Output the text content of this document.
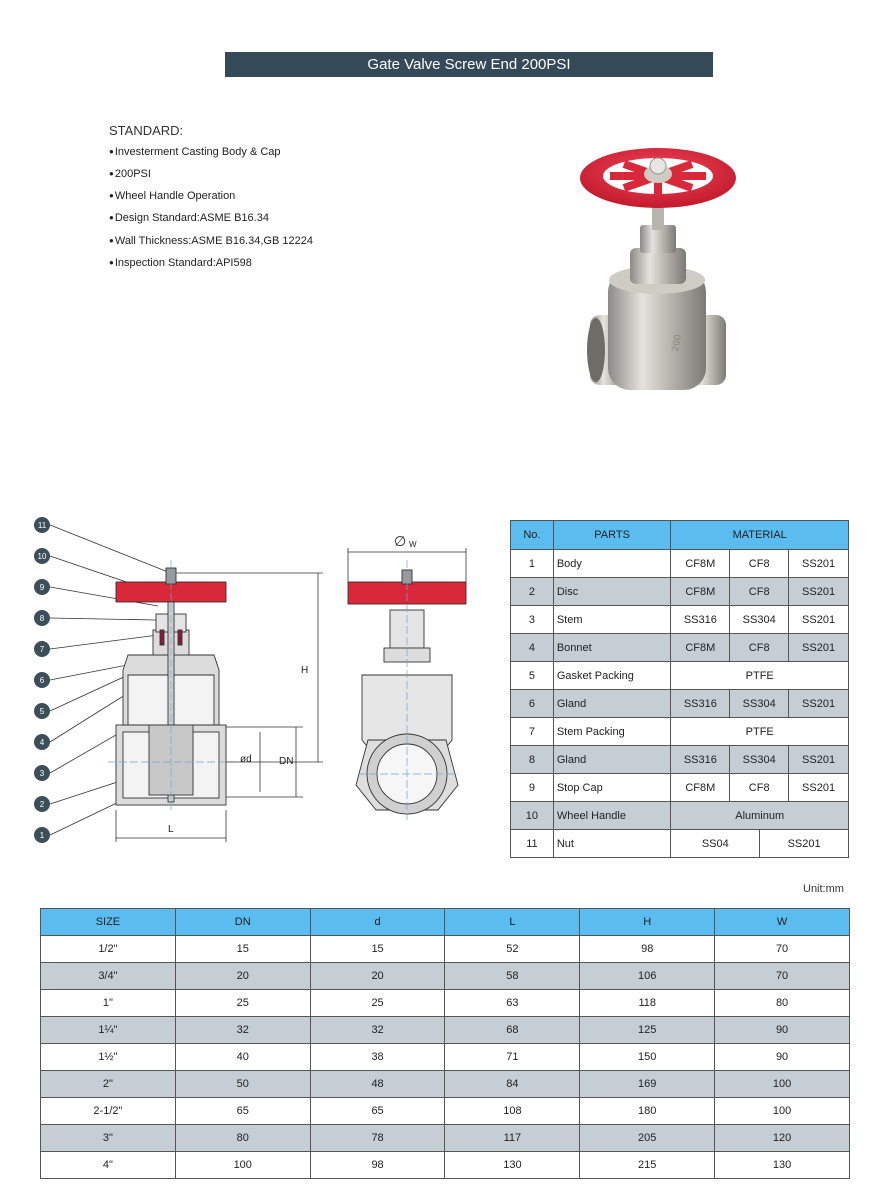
Gate Valve Screw End 200PSI
STANDARD:
●Investerment Casting Body & Cap
●200PSI
●Wheel Handle Operation
●Design Standard:ASME B16.34
●Wall Thickness:ASME B16.34,GB 12224
●Inspection Standard:API598
200
11
10
9
8
7
6
5
4
3
2
1
H
DN
ød
L
∅ W
No.	PARTS	MATERIAL		
1	Body	CF8M	CF8	SS201
2	Disc	CF8M	CF8	SS201
3	Stem	SS316	SS304	SS201
4	Bonnet	CF8M	CF8	SS201
5	Gasket Packing	PTFE		
6	Gland	SS316	SS304	SS201
7	Stem Packing	PTFE		
8	Gland	SS316	SS304	SS201
9	Stop Cap	CF8M	CF8	SS201
10	Wheel Handle	Aluminum		
11	Nut	SS04 SS201		
Unit:mm
SIZE	DN	d	L	H	W
1/2"	15	15	52	98	70
3/4"	20	20	58	106	70
1"	25	25	63	118	80
1¼"	32	32	68	125	90
1½"	40	38	71	150	90
2"	50	48	84	169	100
2-1/2"	65	65	108	180	100
3"	80	78	117	205	120
4"	100	98	130	215	130
